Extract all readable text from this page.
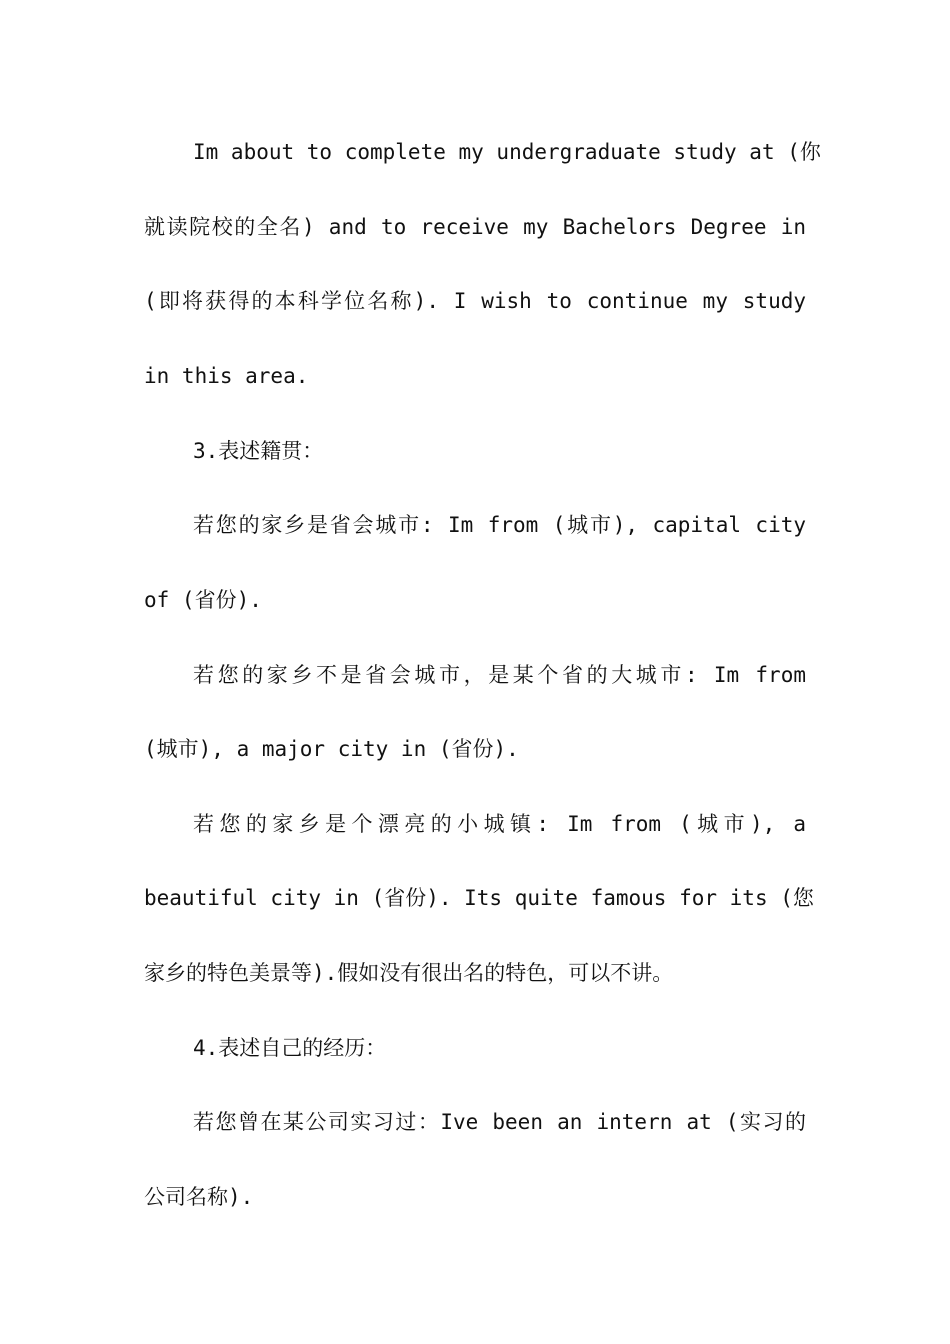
Im about to complete my undergraduate study at (你
就读院校的全名) and to receive my Bachelors Degree in
(即将获得的本科学位名称). I wish to continue my study
in this area.
3.表述籍贯：
若您的家乡是省会城市: Im from (城市), capital city
of (省份).
若您的家乡不是省会城市，是某个省的大城市: Im from
(城市), a major city in (省份).
若您的家乡是个漂亮的小城镇: Im from (城市), a
beautiful city in (省份). Its quite famous for its (您
家乡的特色美景等).假如没有很出名的特色，可以不讲。
4.表述自己的经历：
若您曾在某公司实习过：Ive been an intern at (实习的
公司名称).
